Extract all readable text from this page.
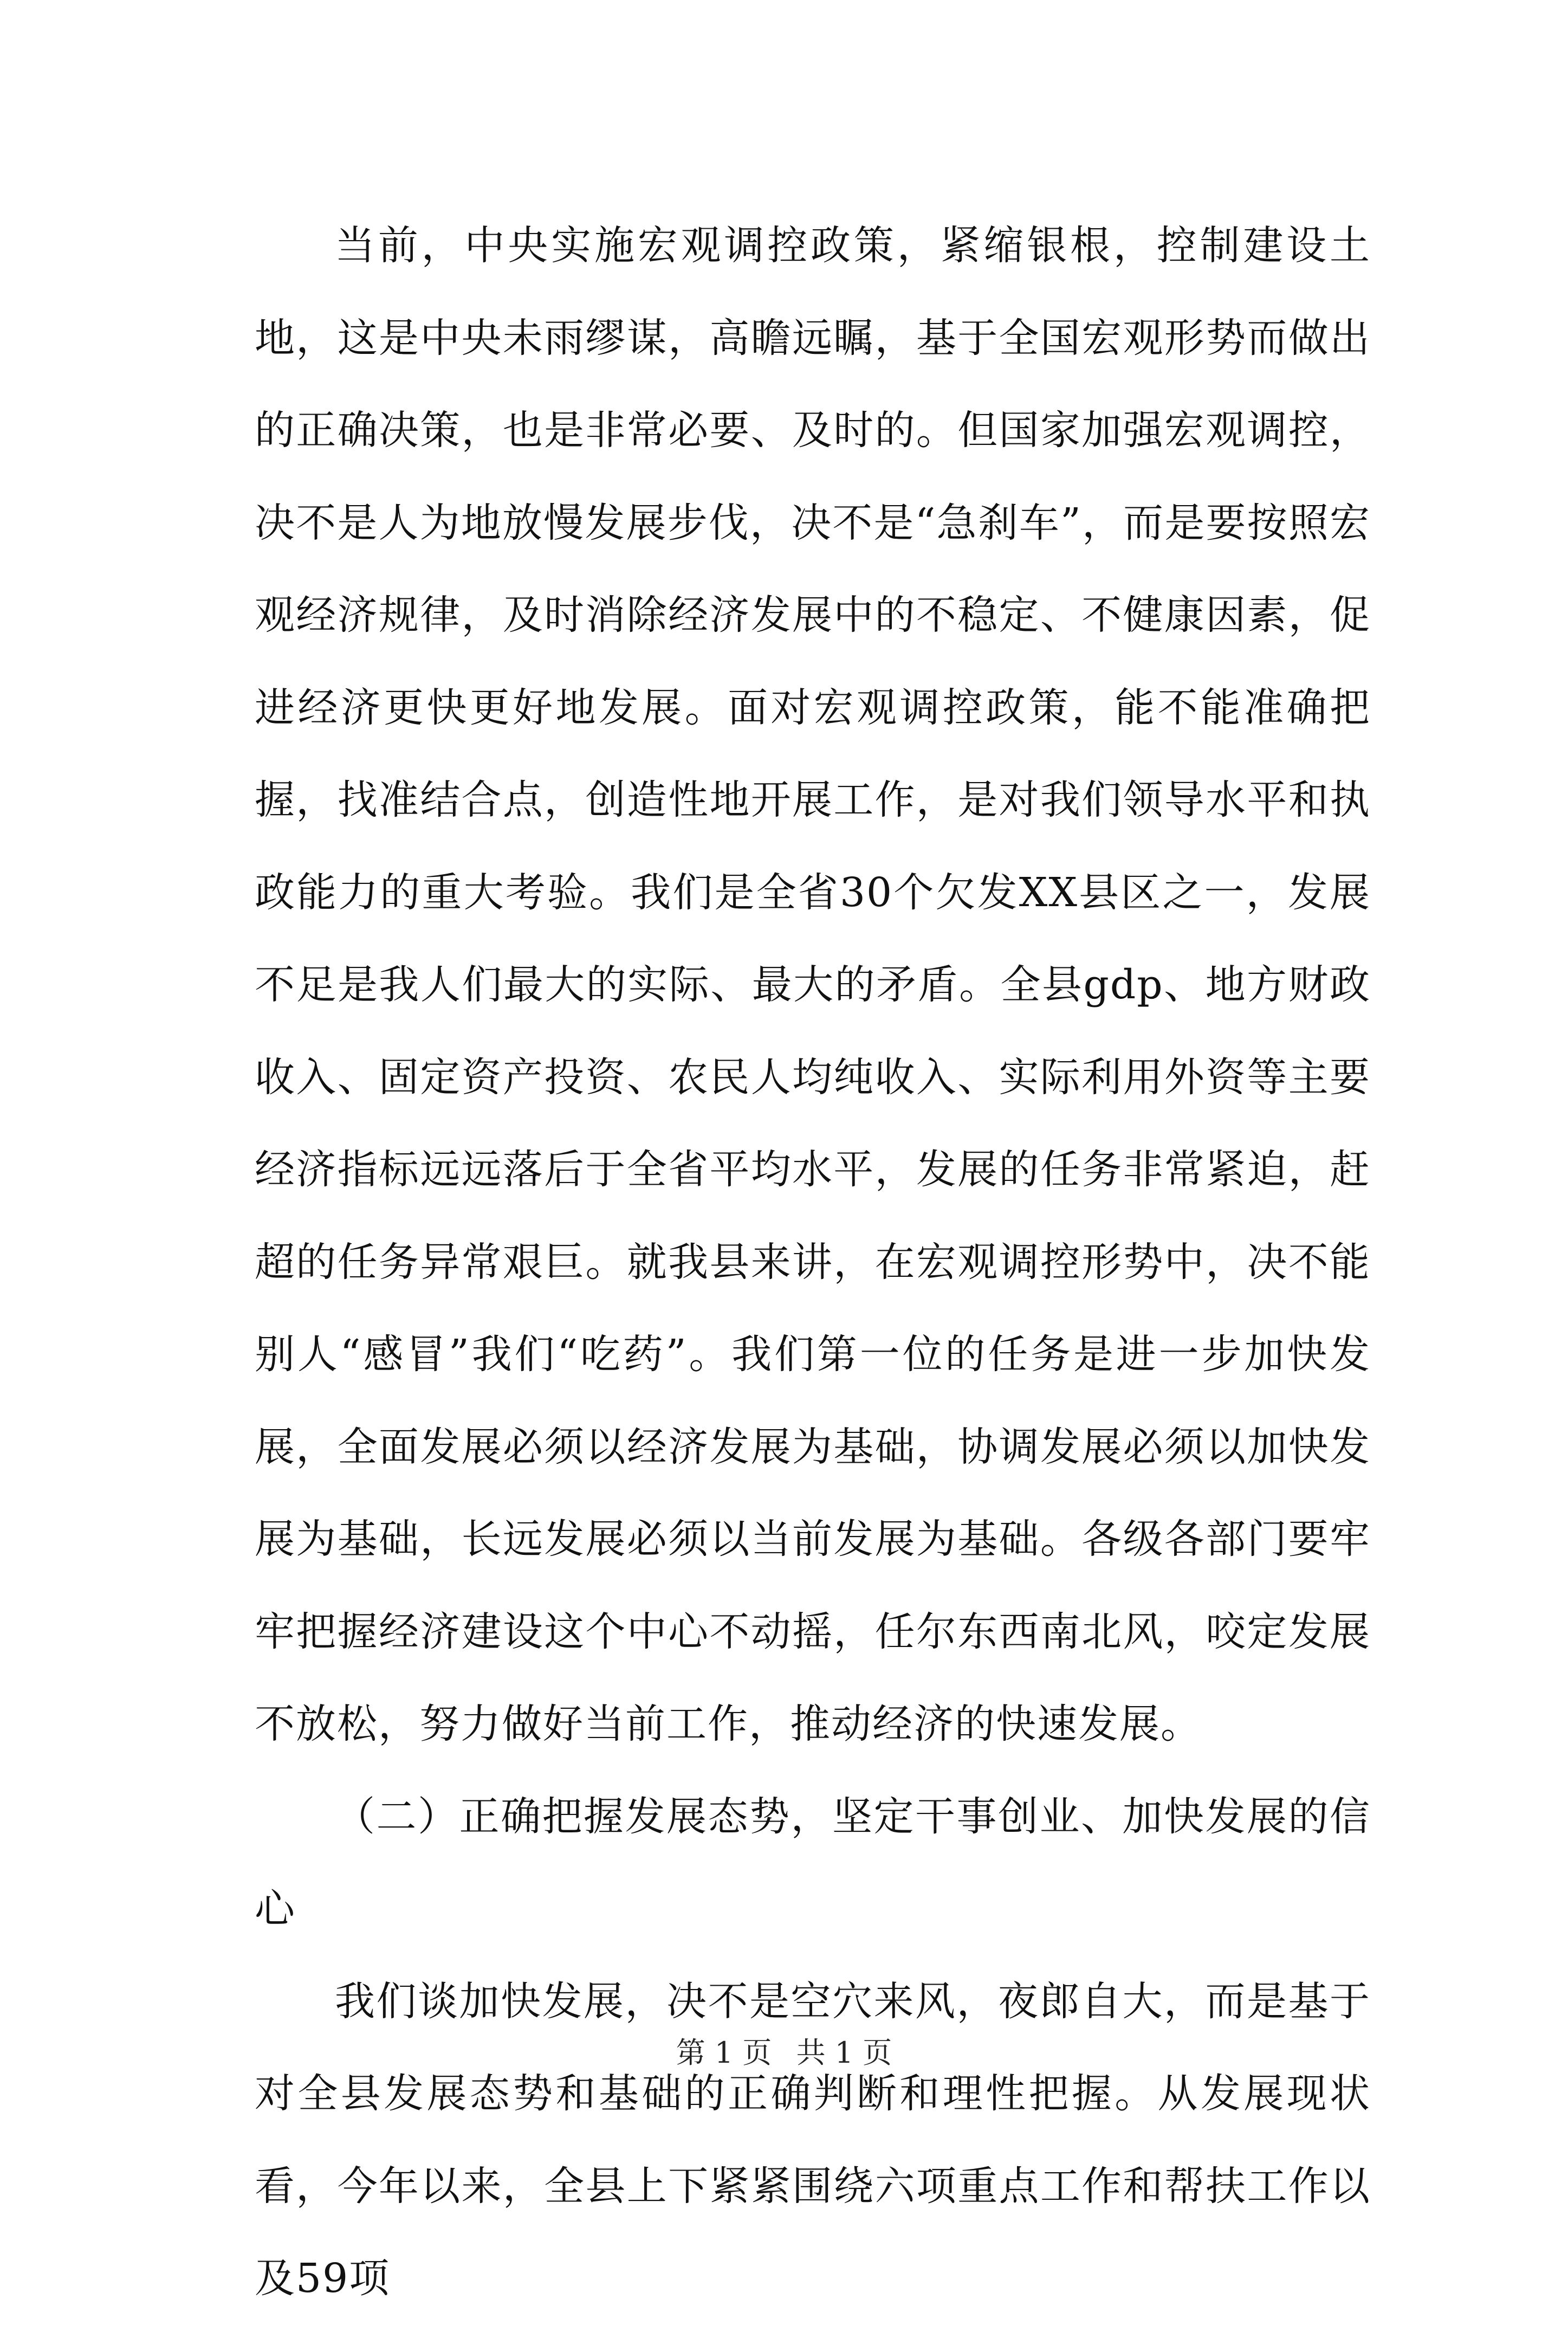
当前，中央实施宏观调控政策，紧缩银根，控制建设土地，这是中央未雨缪谋，高瞻远瞩，基于全国宏观形势而做出的正确决策，也是非常必要、及时的。但国家加强宏观调控，决不是人为地放慢发展步伐，决不是“急刹车”，而是要按照宏观经济规律，及时消除经济发展中的不稳定、不健康因素，促进经济更快更好地发展。面对宏观调控政策，能不能准确把握，找准结合点，创造性地开展工作，是对我们领导水平和执政能力的重大考验。我们是全省30个欠发XX县区之一，发展不足是我人们最大的实际、最大的矛盾。全县gdp、地方财政收入、固定资产投资、农民人均纯收入、实际利用外资等主要经济指标远远落后于全省平均水平，发展的任务非常紧迫，赶超的任务异常艰巨。就我县来讲，在宏观调控形势中，决不能别人“感冒”我们“吃药”。我们第一位的任务是进一步加快发展，全面发展必须以经济发展为基础，协调发展必须以加快发展为基础，长远发展必须以当前发展为基础。各级各部门要牢牢把握经济建设这个中心不动摇，任尔东西南北风，咬定发展不放松，努力做好当前工作，推动经济的快速发展。

（二）正确把握发展态势，坚定干事创业、加快发展的信心

我们谈加快发展，决不是空穴来风，夜郎自大，而是基于对全县发展态势和基础的正确判断和理性把握。从发展现状看，今年以来，全县上下紧紧围绕六项重点工作和帮扶工作以及59项

第 1 页 共 1 页
